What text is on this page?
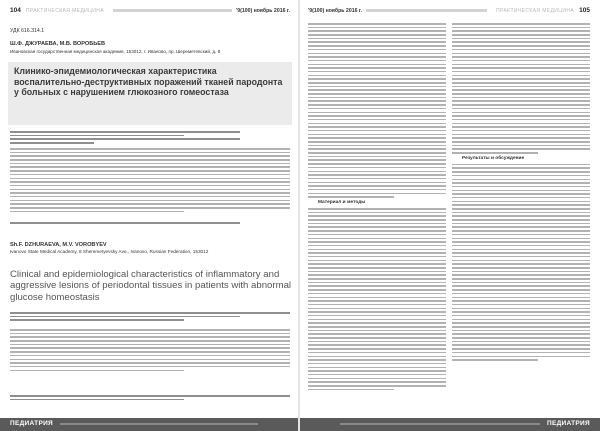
104 ПРАКТИЧЕСКАЯ МЕДИЦИНА	'9(100) ноябрь 2016 г.
УДК 616.314.1
Ш.Ф. ДЖУРАЕВА, М.В. ВОРОБЬЕВ
Ивановская государственная медицинская академия, 153012, г. Иваново, пр. Шереметевский, д. 8
Клинико-эпидемиологическая характеристика воспалительно-деструктивных поражений тканей пародонта у больных с нарушением глюкозного гомеостаза
Sh.F. DZHURAEVA, M.V. VOROBYEV
Ivanovo State Medical Academy, 8 Sheremetyevsky Ave., Ivanovo, Russian Federation, 153012
Clinical and epidemiological characteristics of inflammatory and aggressive lesions of periodontal tissues in patients with abnormal glucose homeostasis
ПЕДИАТРИЯ
'9(100) ноябрь 2016 г.	ПРАКТИЧЕСКАЯ МЕДИЦИНА 105
Материал и методы
Результаты и обсуждение
ПЕДИАТРИЯ
